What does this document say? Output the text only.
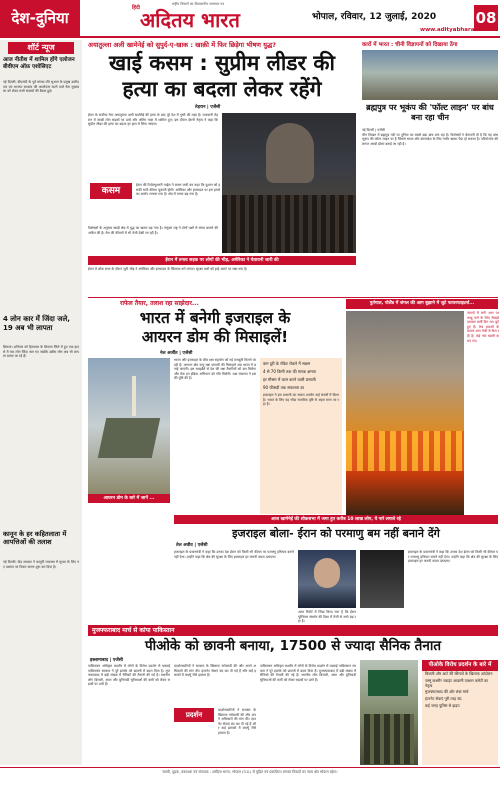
देश-दुनिया
हिंदी अदितय भारत
राष्ट्रीय विचारों का विश्वसनीय समाचार पत्र
भोपाल, रविवार, 12 जुलाई, 2020	08
www.adityabharat.com
शॉर्ट न्यूज
आज नीतीश में शामिल होंगे एलोजन बीवीएम ऑफ़ एशोसिएट
नई दिल्ली। बीएसपी के पूर्व सांसद रवि भुआत के प्रमुख उम्मीदवार एवं भाजपा सरकार की आलोचना करने वाले नेता मुकाबला को लेकर सभी सदस्यों की बैठक हुई।
4 लोन कार में जिंदा जले, 19 अब भी लापता
शिमला। शनिवार को हिमाचल के शिमला जिले में हुए एक हादसे में चार लोग जिंदा जल गए जबकि उन्नीस लोग अब भी लापता बताए जा रहे हैं।
कानून के हर कहितलाता में आपत्तिओं की तलाश
नई दिल्ली। केंद्र सरकार ने कानूनी व्यवस्था में सुधार के लिए नए प्रस्ताव पर विचार करना शुरू कर दिया है।
अयातुल्ला अली खामेनेई को सुपुर्द-ए-खाक : खाक़ी में फिर छिड़ेगा भीषण युद्ध?	कारों में भारत : चीनी विज्ञापनों को दिखाया ठेंगा
खाई कसम : सुप्रीम लीडर की
हत्या का बदला लेकर रहेंगे
तेहरान | एजेंसी
ईरान के सर्वोच्च नेता अयातुल्ला अली खामेनेई की हत्या के बाद पूरे देश में गुस्से की लहर है। राजधानी तेहरान में लाखों लोग सड़कों पर उतरे और अंतिम यात्रा में शामिल हुए। इस दौरान ईरानी नेतृत्व ने कहा कि सुप्रीम लीडर की हत्या का बदला हर हाल में लिया जाएगा।
कसम
ईरान की रिवोल्यूशनरी गार्ड्स ने बयान जारी कर कहा कि दुश्मन को इसकी भारी कीमत चुकानी होगी। अमेरिका और इजराइल पर इस हमले का आरोप लगाया गया है। क्षेत्र में तनाव बढ़ गया है।
विशेषज्ञों के अनुसार खाड़ी क्षेत्र में युद्ध का खतरा बढ़ गया है। संयुक्त राष्ट्र ने दोनों पक्षों से संयम बरतने की अपील की है। तेल की कीमतों में भी तेजी देखी जा रही है।
ईरान में तनाव सड़क पर लोगों की भीड़, अमेरिका ने चेतावनी जारी की
ईरान में शोक सभा के दौरान जुटी भीड़ ने अमेरिका और इजराइल के खिलाफ नारे लगाए। सुरक्षा बलों को हाई अलर्ट पर रखा गया है।
ब्रह्मपुत्र पर भूकंप की 'फॉल्ट लाइन' पर बांध बना रहा चीन
नई दिल्ली | एजेंसी
चीन तिब्बत में ब्रह्मपुत्र नदी पर दुनिया का सबसे बड़ा बांध बना रहा है। विशेषज्ञों ने चेतावनी दी है कि यह बांध भूकंप की फॉल्ट लाइन पर है जिससे भारत और बांग्लादेश के लिए गंभीर खतरा पैदा हो सकता है। परियोजना की लागत अरबों डॉलर बताई जा रही है।
राफेल तैयार, तलाश रहा साझेदार...
भारत में बनेगी इजराइल के
आयरन डोम की मिसाइलें!
नेल अर्जीत | एजेंसी
आयरन डोम के बारे में जानें ...
भारत और इजराइल के बीच रक्षा सहयोग को नई मजबूती मिलने जा रही है। आयरन डोम वायु रक्षा प्रणाली की मिसाइलें अब भारत में बनाई जाएंगी। इस समझौते से देश की रक्षा तैयारियों को बल मिलेगा और मेक इन इंडिया अभियान को गति मिलेगी। रक्षा मंत्रालय ने इसकी पुष्टि की है।
कम दूरी के रॉकेट रोकने में सक्षम
4 से 70 किमी तक की मारक क्षमता
हर मौसम में काम करने वाली प्रणाली
90 फीसदी तक सफलता दर
इजराइल ने इस प्रणाली का सफल उपयोग कई संघर्षों में किया है। भारत के लिए यह सौदा सामरिक दृष्टि से अहम माना जा रहा है।
पुर्तगाल, पोलैंड में जंगल की आग बुझाने में जुटे फायरफाइटर्स...
जंगलों में लगी आग पर काबू पाने के लिए सैकड़ों दमकल कर्मी दिन रात जुटे हुए हैं। तेज हवाओं के कारण आग तेजी से फैल रही है। कई गांव खाली कराए गए।
आज खामेनेई की शोकसभा में जमा हुए करीब 10 लाख लोग, ये नारे लगाते रहे
इजराइल बोला- ईरान को परमाणु बम नहीं बनाने देंगे
तेल अवीव | एजेंसी
इजराइल के प्रधानमंत्री ने कहा कि उनका देश ईरान को किसी भी कीमत पर परमाणु हथियार बनाने नहीं देगा। उन्होंने कहा कि क्षेत्र की सुरक्षा के लिए इजराइल हर जरूरी कदम उठाएगा।
आज रिपोर्ट में जिक्र किया गया है कि ईरान यूरेनियम संवर्धन की दिशा में तेजी से आगे बढ़ रहा है।
इजराइल के प्रधानमंत्री ने कहा कि उनका देश ईरान को किसी भी कीमत पर परमाणु हथियार बनाने नहीं देगा। उन्होंने कहा कि क्षेत्र की सुरक्षा के लिए इजराइल हर जरूरी कदम उठाएगा।
मुजफ्फराबाद मार्च से कांपा पाकिस्तान
पीओके को छावनी बनाया, 17500 से ज्यादा सैनिक तैनात
इस्लामाबाद | एजेंसी
पाकिस्तान अधिकृत कश्मीर में लोगों के विरोध प्रदर्शन से घबराई पाकिस्तान सरकार ने पूरे इलाके को छावनी में बदल दिया है। मुजफ्फराबाद में बड़ी संख्या में सैनिकों की तैनाती की गई है। स्थानीय लोग बिजली, आटा और बुनियादी सुविधाओं की कमी को लेकर सड़कों पर उतरे हैं।
प्रदर्शन
प्रदर्शनकारियों ने सरकार के खिलाफ नारेबाजी की और अपने अधिकारों की मांग की। इंटरनेट सेवाएं बंद कर दी गई हैं और कई इलाकों में कर्फ्यू जैसे हालात हैं।
प्रदर्शनकारियों ने सरकार के खिलाफ नारेबाजी की और अपने अधिकारों की मांग की। इंटरनेट सेवाएं बंद कर दी गई हैं और कई इलाकों में कर्फ्यू जैसे हालात हैं।
पाकिस्तान अधिकृत कश्मीर में लोगों के विरोध प्रदर्शन से घबराई पाकिस्तान सरकार ने पूरे इलाके को छावनी में बदल दिया है। मुजफ्फराबाद में बड़ी संख्या में सैनिकों की तैनाती की गई है। स्थानीय लोग बिजली, आटा और बुनियादी सुविधाओं की कमी को लेकर सड़कों पर उतरे हैं।
पीओके विरोध प्रदर्शन के बारे में
बिजली और आटे की कीमतों के खिलाफ आंदोलन
जम्मू कश्मीर ज्वाइंट आवामी एक्शन कमेटी का नेतृत्व
मुजफ्फराबाद की ओर लंबा मार्च
इंटरनेट सेवाएं पूरी तरह बंद
कई जगह पुलिस से झड़प
स्वामी, मुद्रक, प्रकाशक एवं संपादक : आदित्य भारत, भोपाल (म.प्र.) से मुद्रित एवं प्रकाशित। समस्त विवादों का न्याय क्षेत्र भोपाल रहेगा।
